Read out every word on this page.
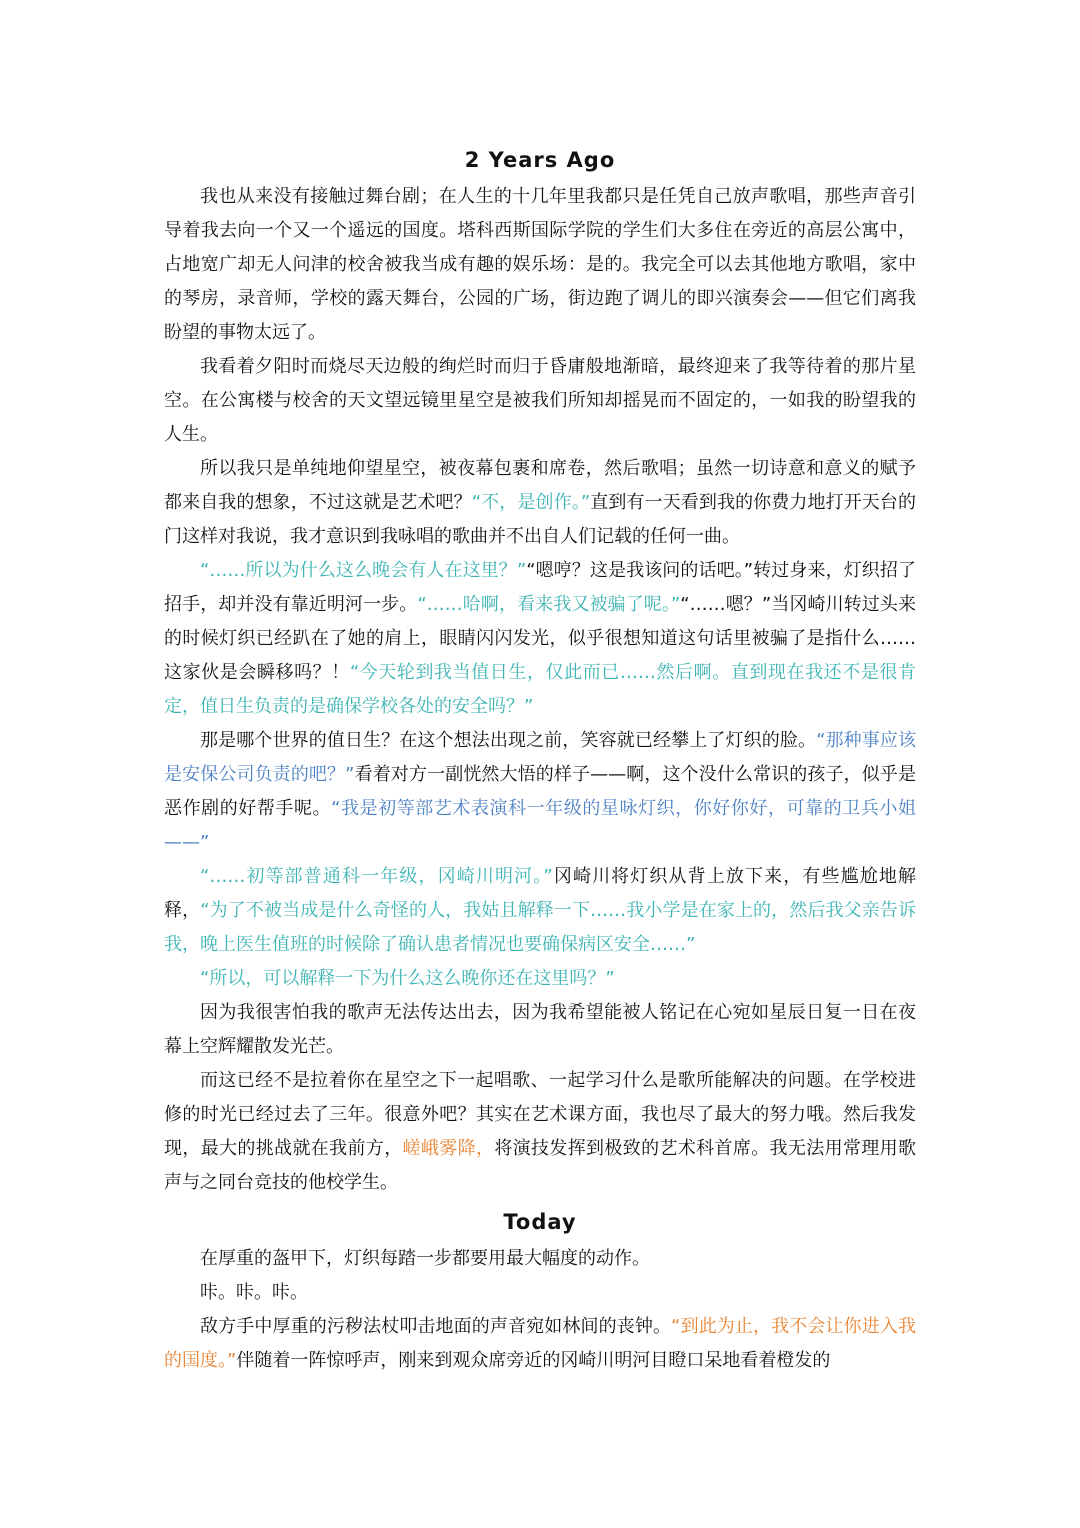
2 Years Ago

我也从来没有接触过舞台剧；在人生的十几年里我都只是任凭自己放声歌唱，那些声音引导着我去向一个又一个遥远的国度。塔科西斯国际学院的学生们大多住在旁近的高层公寓中，占地宽广却无人问津的校舍被我当成有趣的娱乐场：是的。我完全可以去其他地方歌唱，家中的琴房，录音师，学校的露天舞台，公园的广场，街边跑了调儿的即兴演奏会——但它们离我盼望的事物太远了。

我看着夕阳时而烧尽天边般的绚烂时而归于昏庸般地渐暗，最终迎来了我等待着的那片星空。在公寓楼与校舍的天文望远镜里星空是被我们所知却摇晃而不固定的，一如我的盼望我的人生。

所以我只是单纯地仰望星空，被夜幕包裹和席卷，然后歌唱；虽然一切诗意和意义的赋予都来自我的想象，不过这就是艺术吧？“不，是创作。”直到有一天看到我的你费力地打开天台的门这样对我说，我才意识到我咏唱的歌曲并不出自人们记载的任何一曲。

“……所以为什么这么晚会有人在这里？”“嗯哼？这是我该问的话吧。”转过身来，灯织招了招手，却并没有靠近明河一步。“……哈啊，看来我又被骗了呢。”“……嗯？”当冈崎川转过头来的时候灯织已经趴在了她的肩上，眼睛闪闪发光，似乎很想知道这句话里被骗了是指什么……这家伙是会瞬移吗？！“今天轮到我当值日生，仅此而已……然后啊。直到现在我还不是很肯定，值日生负责的是确保学校各处的安全吗？”

那是哪个世界的值日生？在这个想法出现之前，笑容就已经攀上了灯织的脸。“那种事应该是安保公司负责的吧？”看着对方一副恍然大悟的样子——啊，这个没什么常识的孩子，似乎是恶作剧的好帮手呢。“我是初等部艺术表演科一年级的星咏灯织，你好你好，可靠的卫兵小姐——”

“……初等部普通科一年级，冈崎川明河。”冈崎川将灯织从背上放下来，有些尴尬地解释，“为了不被当成是什么奇怪的人，我姑且解释一下……我小学是在家上的，然后我父亲告诉我，晚上医生值班的时候除了确认患者情况也要确保病区安全……”

“所以，可以解释一下为什么这么晚你还在这里吗？”

因为我很害怕我的歌声无法传达出去，因为我希望能被人铭记在心宛如星辰日复一日在夜幕上空辉耀散发光芒。

而这已经不是拉着你在星空之下一起唱歌、一起学习什么是歌所能解决的问题。在学校进修的时光已经过去了三年。很意外吧？其实在艺术课方面，我也尽了最大的努力哦。然后我发现，最大的挑战就在我前方，嵯峨雾降，将演技发挥到极致的艺术科首席。我无法用常理用歌声与之同台竞技的他校学生。

Today

在厚重的盔甲下，灯织每踏一步都要用最大幅度的动作。

咔。咔。咔。

敌方手中厚重的污秽法杖叩击地面的声音宛如林间的丧钟。“到此为止，我不会让你进入我的国度。”伴随着一阵惊呼声，刚来到观众席旁近的冈崎川明河目瞪口呆地看着橙发的
